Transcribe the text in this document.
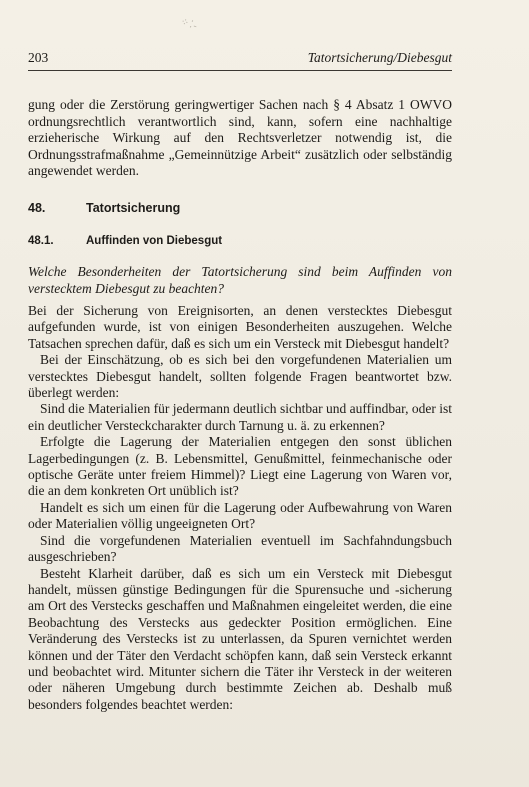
⁘⁚‐
203	Tatortsicherung/Diebesgut

gung oder die Zerstörung geringwertiger Sachen nach § 4 Absatz 1 OWVO ordnungsrechtlich verantwortlich sind, kann, sofern eine nachhaltige erzieherische Wirkung auf den Rechtsverletzer notwendig ist, die Ordnungsstrafmaßnahme „Gemeinnützige Arbeit“ zusätzlich oder selbständig angewendet werden.

48.	Tatortsicherung
48.1.	Auffinden von Diebesgut

Welche Besonderheiten der Tatortsicherung sind beim Auffinden von verstecktem Diebesgut zu beachten?

Bei der Sicherung von Ereignisorten, an denen verstecktes Diebesgut aufgefunden wurde, ist von einigen Besonderheiten auszugehen. Welche Tatsachen sprechen dafür, daß es sich um ein Versteck mit Diebesgut handelt?

Bei der Einschätzung, ob es sich bei den vorgefundenen Materialien um verstecktes Diebesgut handelt, sollten folgende Fragen beantwortet bzw. überlegt werden:

Sind die Materialien für jedermann deutlich sichtbar und auffindbar, oder ist ein deutlicher Versteckcharakter durch Tarnung u. ä. zu erkennen?

Erfolgte die Lagerung der Materialien entgegen den sonst üblichen Lagerbedingungen (z. B. Lebensmittel, Genußmittel, feinmechanische oder optische Geräte unter freiem Himmel)? Liegt eine Lagerung von Waren vor, die an dem konkreten Ort unüblich ist?

Handelt es sich um einen für die Lagerung oder Aufbewahrung von Waren oder Materialien völlig ungeeigneten Ort?

Sind die vorgefundenen Materialien eventuell im Sachfahndungsbuch ausgeschrieben?

Besteht Klarheit darüber, daß es sich um ein Versteck mit Diebesgut handelt, müssen günstige Bedingungen für die Spurensuche und -sicherung am Ort des Verstecks geschaffen und Maßnahmen eingeleitet werden, die eine Beobachtung des Verstecks aus gedeckter Position ermöglichen. Eine Veränderung des Verstecks ist zu unterlassen, da Spuren vernichtet werden können und der Täter den Verdacht schöpfen kann, daß sein Versteck erkannt und beobachtet wird. Mitunter sichern die Täter ihr Versteck in der weiteren oder näheren Umgebung durch bestimmte Zeichen ab. Deshalb muß besonders folgendes beachtet werden:
